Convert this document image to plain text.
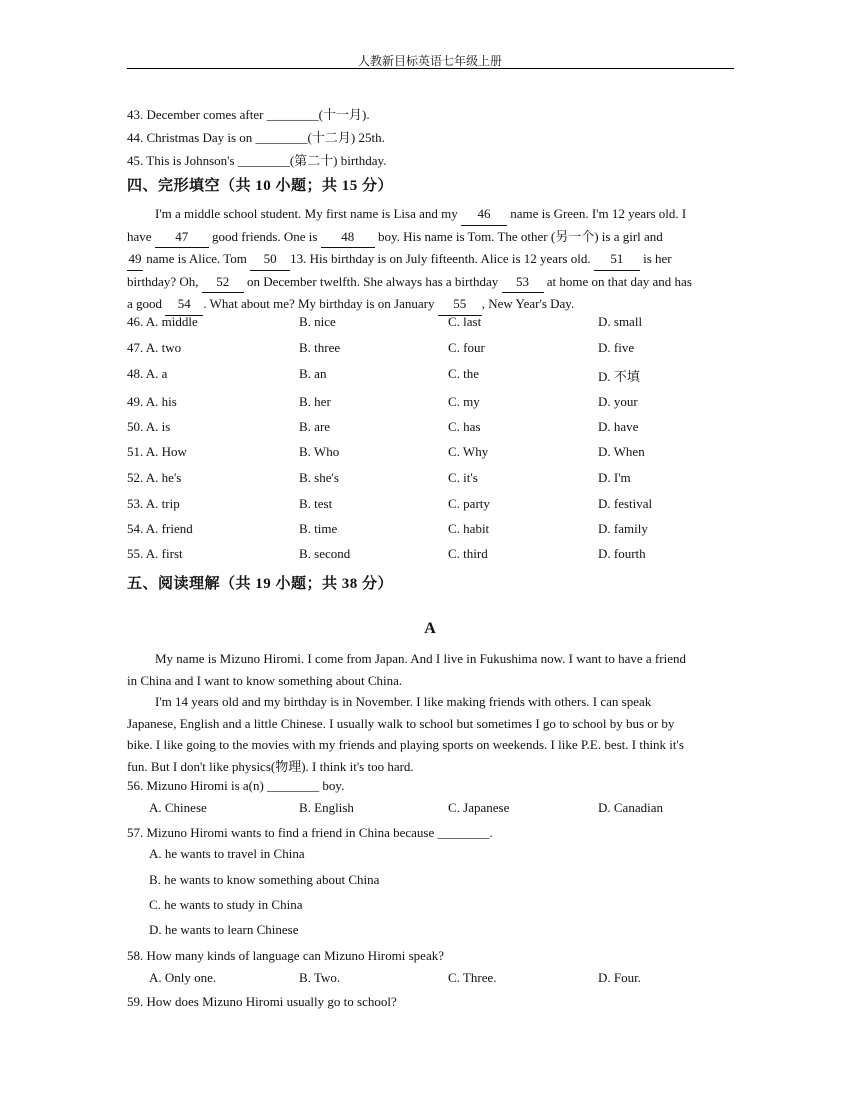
人教新目标英语七年级上册
43. December comes after ________(十一月).
44. Christmas Day is on ________(十二月) 25th.
45. This is Johnson's ________(第二十) birthday.
四、完形填空（共 10 小题；共 15 分）
I'm a middle school student. My first name is Lisa and my 46 name is Green. I'm 12 years old. I
have 47 good friends. One is 48 boy. His name is Tom. The other (另一个) is a girl and
49 name is Alice. Tom 50 13. His birthday is on July fifteenth. Alice is 12 years old. 51 is her
birthday? Oh, 52 on December twelfth. She always has a birthday 53 at home on that day and has
a good 54 . What about me? My birthday is on January 55 , New Year's Day.
46. A. middle	B. nice	C. last	D. small
47. A. two	B. three	C. four	D. five
48. A. a	B. an	C. the	D. 不填
49. A. his	B. her	C. my	D. your
50. A. is	B. are	C. has	D. have
51. A. How	B. Who	C. Why	D. When
52. A. he's	B. she's	C. it's	D. I'm
53. A. trip	B. test	C. party	D. festival
54. A. friend	B. time	C. habit	D. family
55. A. first	B. second	C. third	D. fourth
五、阅读理解（共 19 小题；共 38 分）
A
My name is Mizuno Hiromi. I come from Japan. And I live in Fukushima now. I want to have a friend
in China and I want to know something about China.
I'm 14 years old and my birthday is in November. I like making friends with others. I can speak
Japanese, English and a little Chinese. I usually walk to school but sometimes I go to school by bus or by
bike. I like going to the movies with my friends and playing sports on weekends. I like P.E. best. I think it's
fun. But I don't like physics(物理). I think it's too hard.
56. Mizuno Hiromi is a(n) ________ boy.
A. Chinese	B. English	C. Japanese	D. Canadian
57. Mizuno Hiromi wants to find a friend in China because ________.
A. he wants to travel in China
B. he wants to know something about China
C. he wants to study in China
D. he wants to learn Chinese
58. How many kinds of language can Mizuno Hiromi speak?
A. Only one.	B. Two.	C. Three.	D. Four.
59. How does Mizuno Hiromi usually go to school?
